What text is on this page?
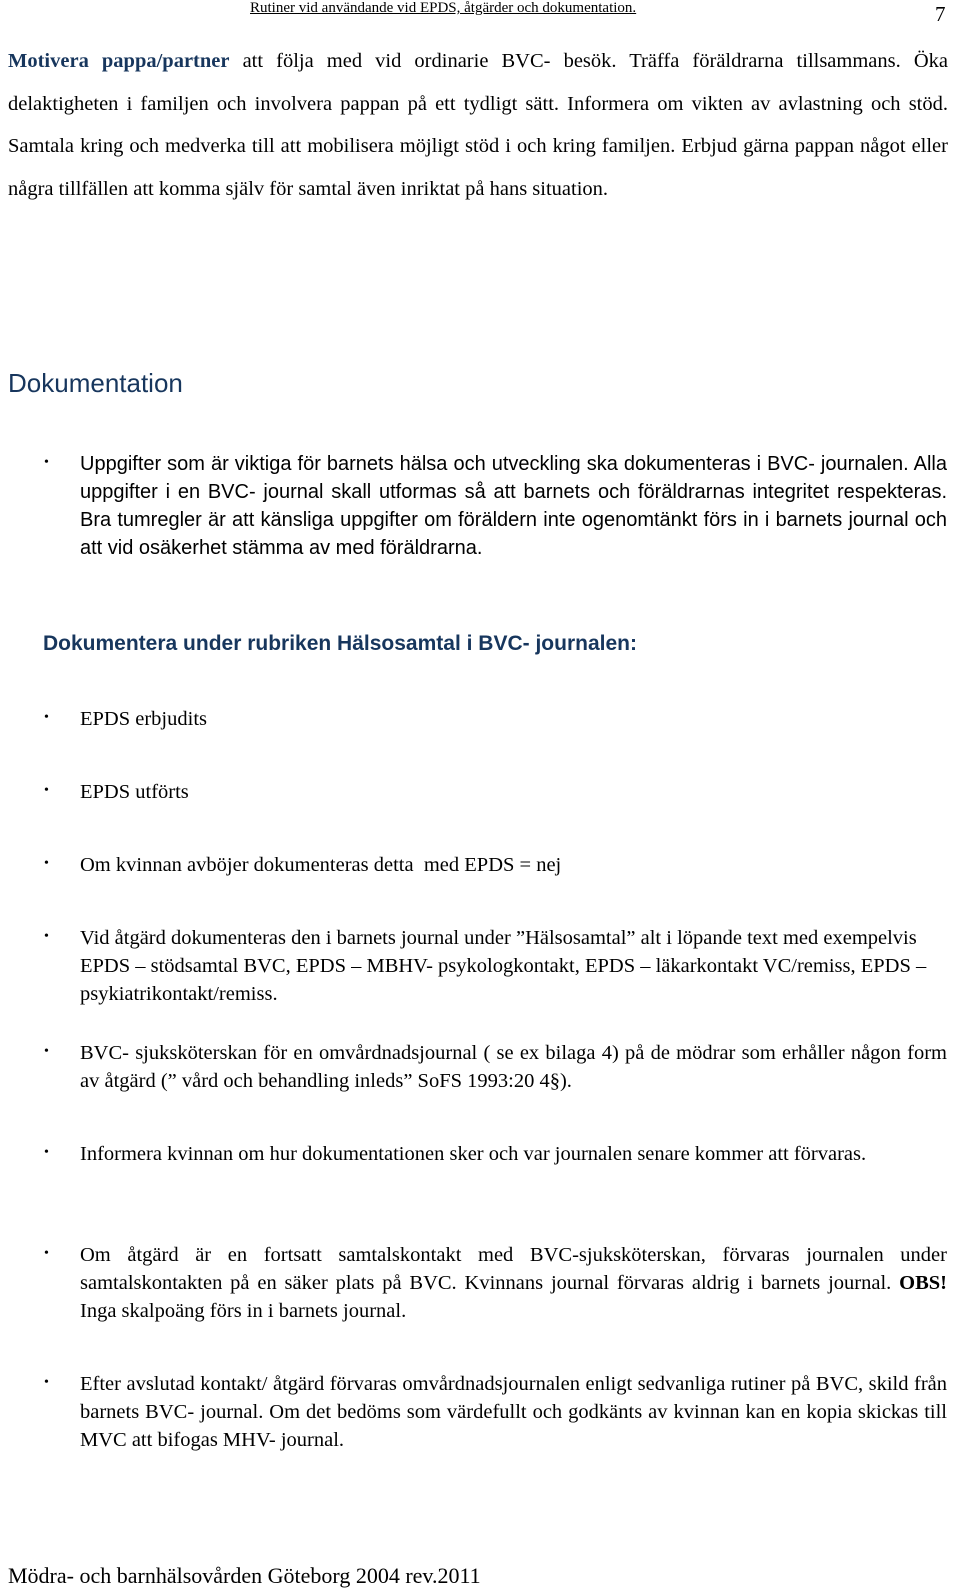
Rutiner vid användande vid EPDS, åtgärder och dokumentation.	7
Motivera pappa/partner att följa med vid ordinarie BVC- besök. Träffa föräldrarna tillsammans. Öka delaktigheten i familjen och involvera pappan på ett tydligt sätt. Informera om vikten av avlastning och stöd. Samtala kring och medverka till att mobilisera möjligt stöd i och kring familjen. Erbjud gärna pappan något eller några tillfällen att komma själv för samtal även inriktat på hans situation.
Dokumentation
• Uppgifter som är viktiga för barnets hälsa och utveckling ska dokumenteras i BVC- journalen. Alla uppgifter i en BVC- journal skall utformas så att barnets och föräldrarnas integritet respekteras. Bra tumregler är att känsliga uppgifter om föräldern inte ogenomtänkt förs in i barnets journal och att vid osäkerhet stämma av med föräldrarna.
Dokumentera under rubriken Hälsosamtal i BVC- journalen:
• EPDS erbjudits
• EPDS utförts
• Om kvinnan avböjer dokumenteras detta  med EPDS = nej
• Vid åtgärd dokumenteras den i barnets journal under ”Hälsosamtal” alt i löpande text med exempelvis EPDS – stödsamtal BVC, EPDS – MBHV- psykologkontakt, EPDS – läkarkontakt VC/remiss, EPDS – psykiatrikontakt/remiss.
• BVC- sjuksköterskan för en omvårdnadsjournal ( se ex bilaga 4) på de mödrar som erhåller någon form av åtgärd (” vård och behandling inleds” SoFS 1993:20 4§).
• Informera kvinnan om hur dokumentationen sker och var journalen senare kommer att förvaras.
• Om åtgärd är en fortsatt samtalskontakt med BVC-sjuksköterskan, förvaras journalen under samtalskontakten på en säker plats på BVC. Kvinnans journal förvaras aldrig i barnets journal. OBS! Inga skalpoäng förs in i barnets journal.
• Efter avslutad kontakt/ åtgärd förvaras omvårdnadsjournalen enligt sedvanliga rutiner på BVC, skild från barnets BVC- journal. Om det bedöms som värdefullt och godkänts av kvinnan kan en kopia skickas till MVC att bifogas MHV- journal.
Mödra- och barnhälsovården Göteborg 2004 rev.2011
